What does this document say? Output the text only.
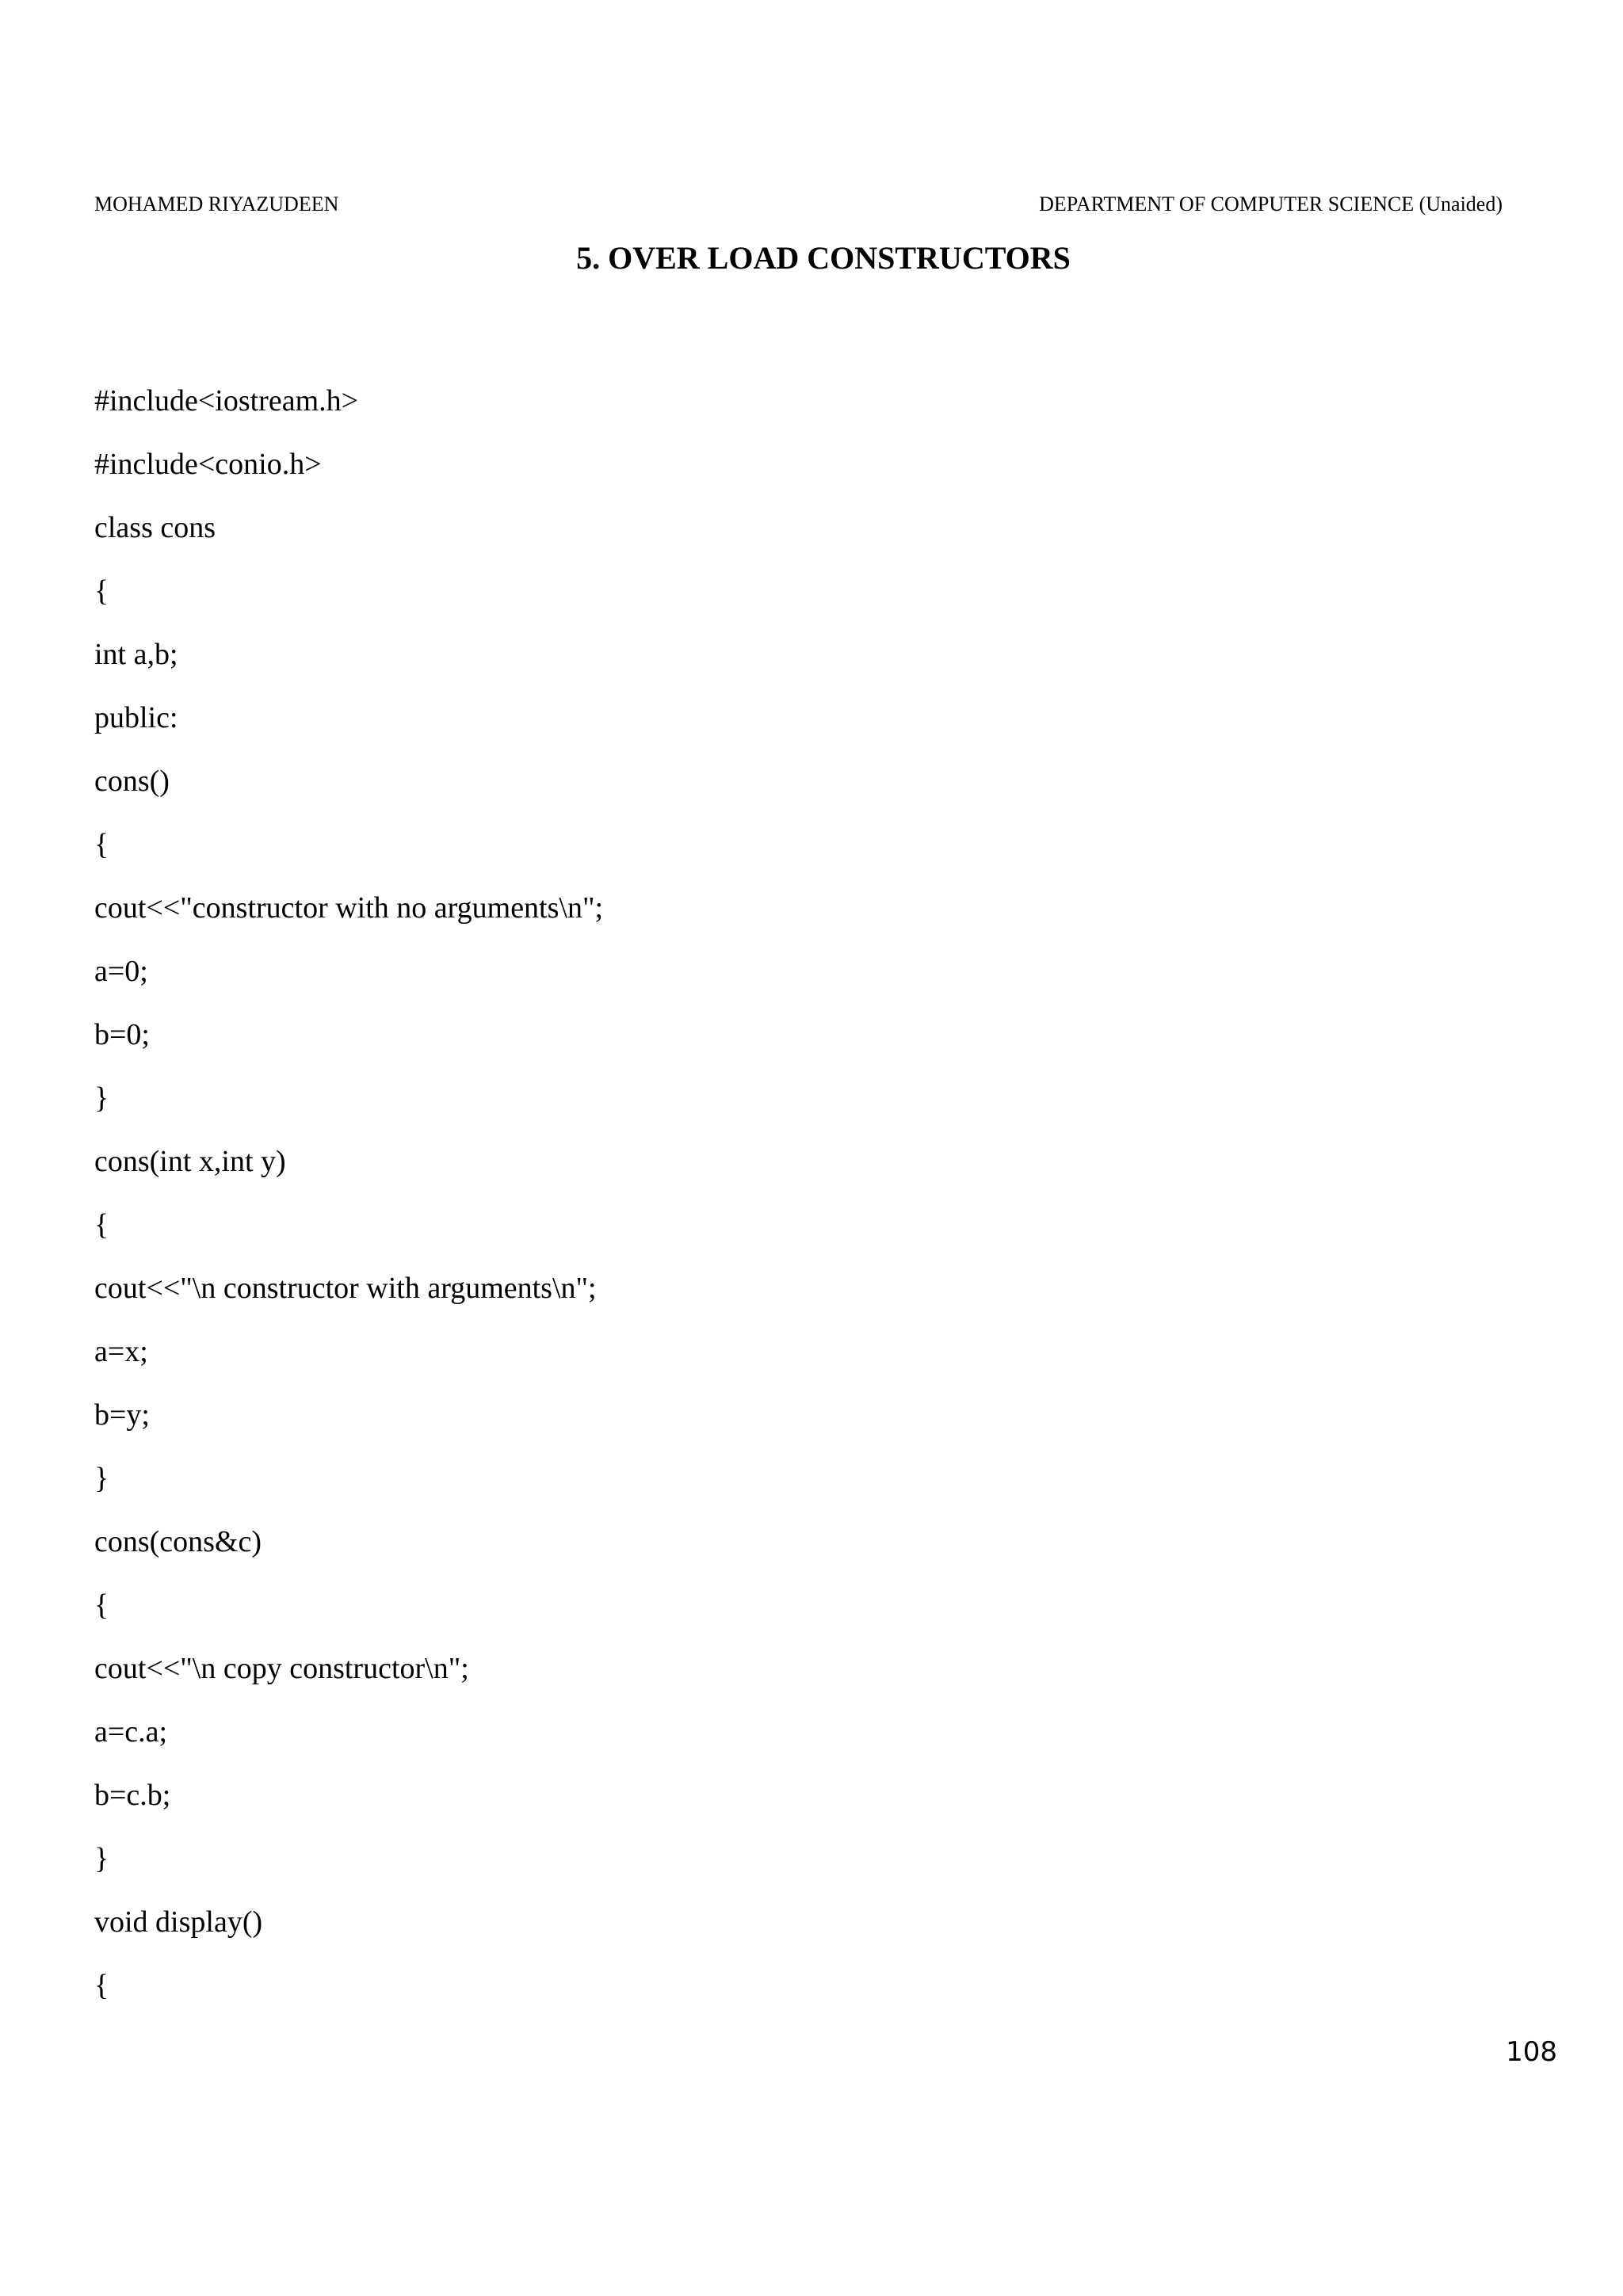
MOHAMED RIYAZUDEEN	DEPARTMENT OF COMPUTER SCIENCE (Unaided)
5. OVER LOAD CONSTRUCTORS
#include<iostream.h>
#include<conio.h>
class cons
{
int a,b;
public:
cons()
{
cout<<"constructor with no arguments\n";
a=0;
b=0;
}
cons(int x,int y)
{
cout<<"\n constructor with arguments\n";
a=x;
b=y;
}
cons(cons&c)
{
cout<<"\n copy constructor\n";
a=c.a;
b=c.b;
}
void display()
{
108
